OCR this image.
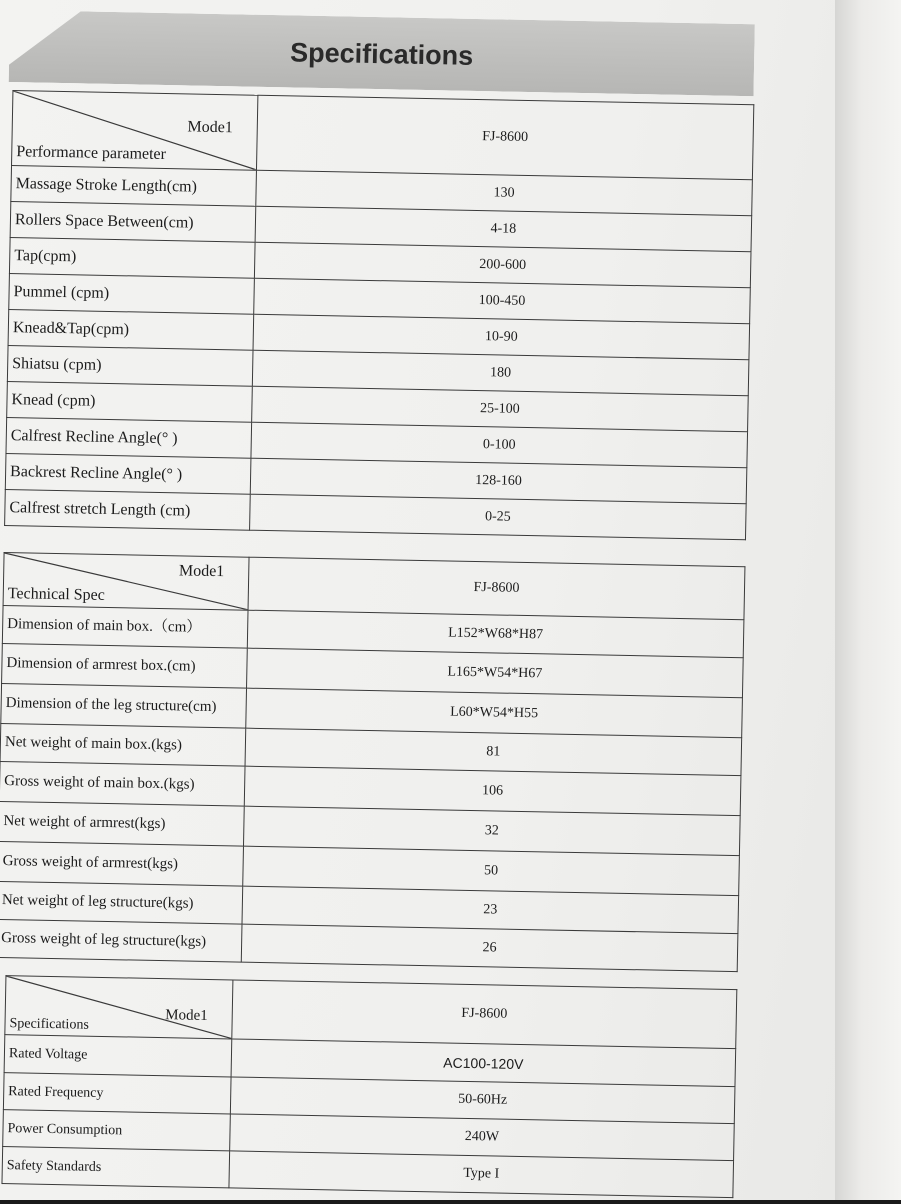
Specifications
Mode1
Performance parameter	FJ-8600
Massage Stroke Length(cm)	130
Rollers Space Between(cm)	4-18
Tap(cpm)	200-600
Pummel (cpm)	100-450
Knead&Tap(cpm)	10-90
Shiatsu (cpm)	180
Knead (cpm)	25-100
Calfrest Recline Angle(° )	0-100
Backrest Recline Angle(° )	128-160
Calfrest stretch Length (cm)	0-25
Mode1
Technical Spec	FJ-8600
Dimension of main box.（cm）	L152*W68*H87
Dimension of armrest box.(cm)	L165*W54*H67
Dimension of the leg structure(cm)	L60*W54*H55
Net weight of main box.(kgs)	81
Gross weight of main box.(kgs)	106
Net weight of armrest(kgs)	32
Gross weight of armrest(kgs)	50
Net weight of leg structure(kgs)	23
Gross weight of leg structure(kgs)	26
Mode1
Specifications	FJ-8600
Rated Voltage	AC100-120V
Rated Frequency	50-60Hz
Power Consumption	240W
Safety Standards	Type I
